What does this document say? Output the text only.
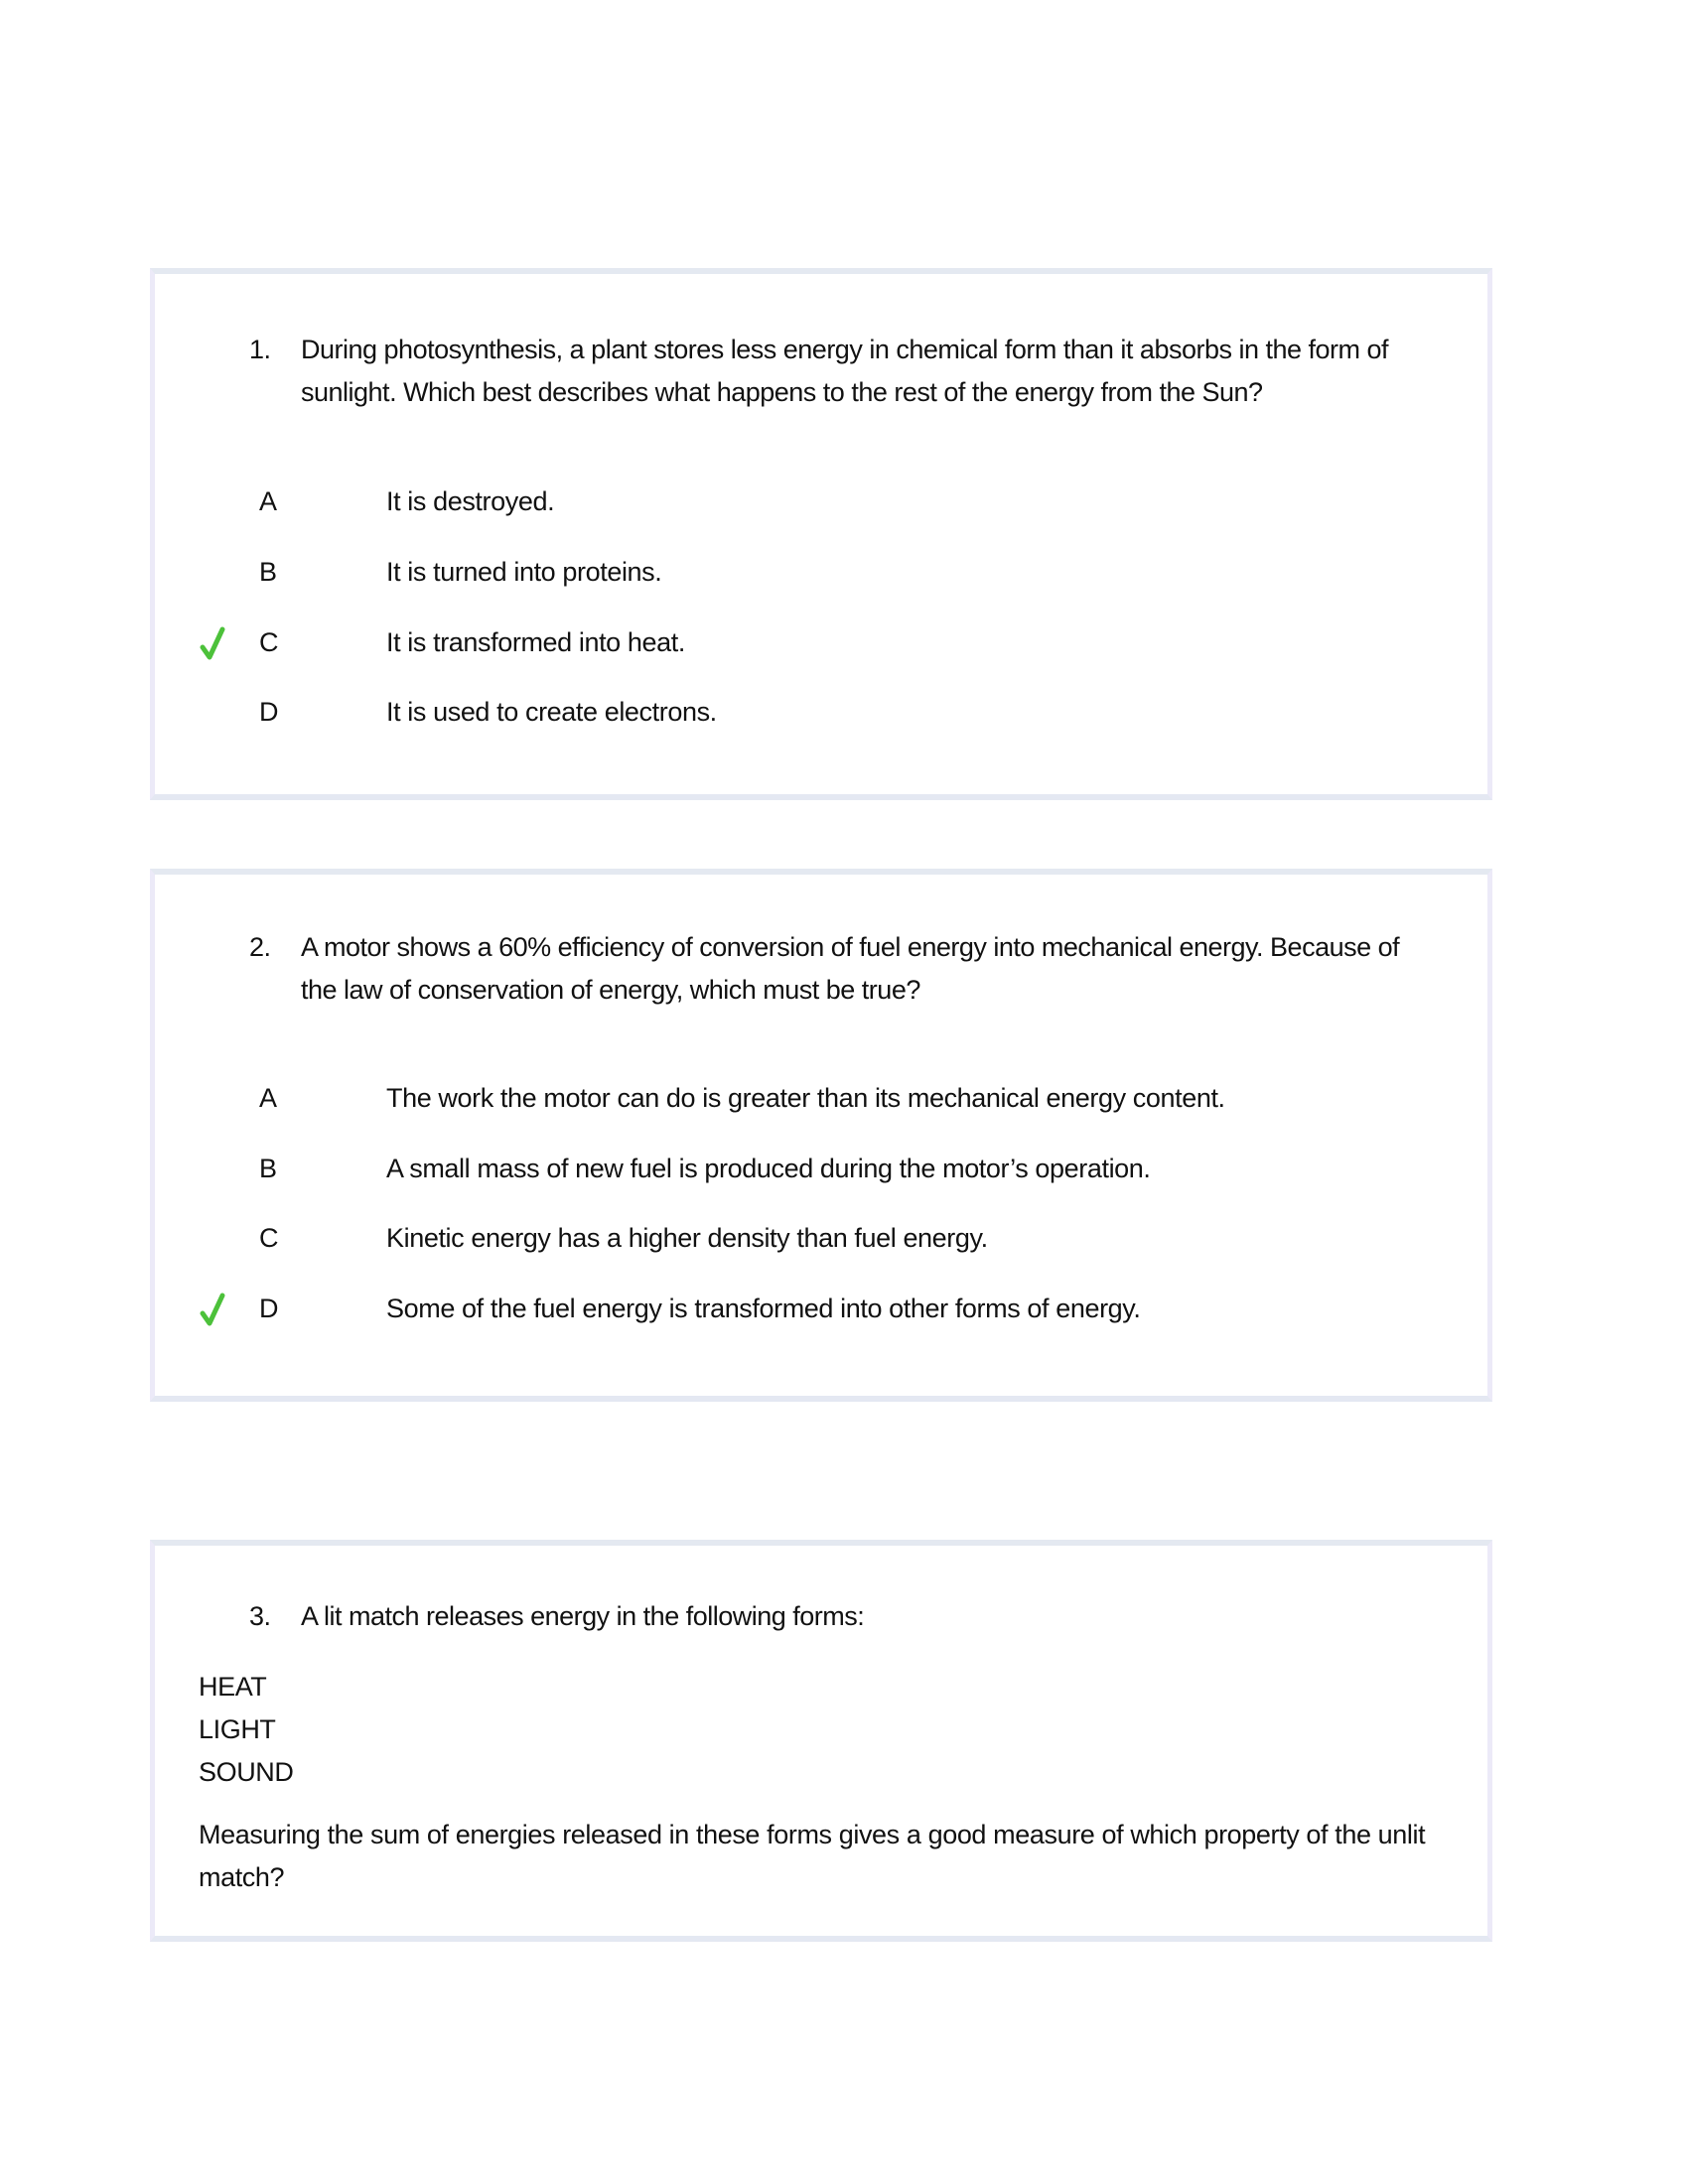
1. During photosynthesis, a plant stores less energy in chemical form than it absorbs in the form of sunlight. Which best describes what happens to the rest of the energy from the Sun?
A	It is destroyed.
B	It is turned into proteins.
C	It is transformed into heat.
D	It is used to create electrons.
2. A motor shows a 60% efficiency of conversion of fuel energy into mechanical energy. Because of the law of conservation of energy, which must be true?
A	The work the motor can do is greater than its mechanical energy content.
B	A small mass of new fuel is produced during the motor’s operation.
C	Kinetic energy has a higher density than fuel energy.
D	Some of the fuel energy is transformed into other forms of energy.
3. A lit match releases energy in the following forms:
HEAT
LIGHT
SOUND
Measuring the sum of energies released in these forms gives a good measure of which property of the unlit match?
